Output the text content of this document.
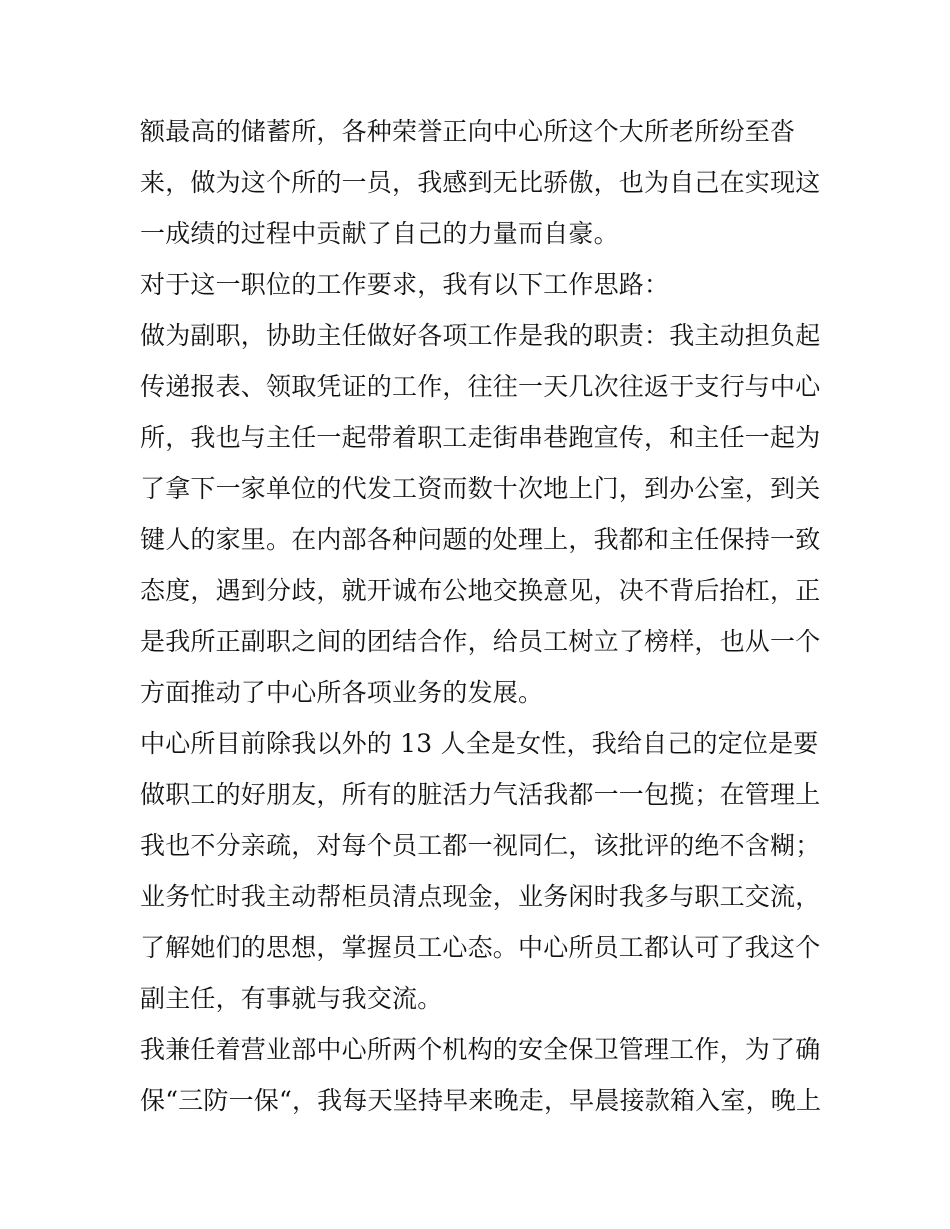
额最高的储蓄所，各种荣誉正向中心所这个大所老所纷至沓
来，做为这个所的一员，我感到无比骄傲，也为自己在实现这
一成绩的过程中贡献了自己的力量而自豪。
对于这一职位的工作要求，我有以下工作思路：
做为副职，协助主任做好各项工作是我的职责：我主动担负起
传递报表、领取凭证的工作，往往一天几次往返于支行与中心
所，我也与主任一起带着职工走街串巷跑宣传，和主任一起为
了拿下一家单位的代发工资而数十次地上门，到办公室，到关
键人的家里。在内部各种问题的处理上，我都和主任保持一致
态度，遇到分歧，就开诚布公地交换意见，决不背后抬杠，正
是我所正副职之间的团结合作，给员工树立了榜样，也从一个
方面推动了中心所各项业务的发展。
中心所目前除我以外的 13 人全是女性，我给自己的定位是要
做职工的好朋友，所有的脏活力气活我都一一包揽；在管理上
我也不分亲疏，对每个员工都一视同仁，该批评的绝不含糊；
业务忙时我主动帮柜员清点现金，业务闲时我多与职工交流，
了解她们的思想，掌握员工心态。中心所员工都认可了我这个
副主任，有事就与我交流。
我兼任着营业部中心所两个机构的安全保卫管理工作，为了确
保“三防一保“，我每天坚持早来晚走，早晨接款箱入室，晚上
